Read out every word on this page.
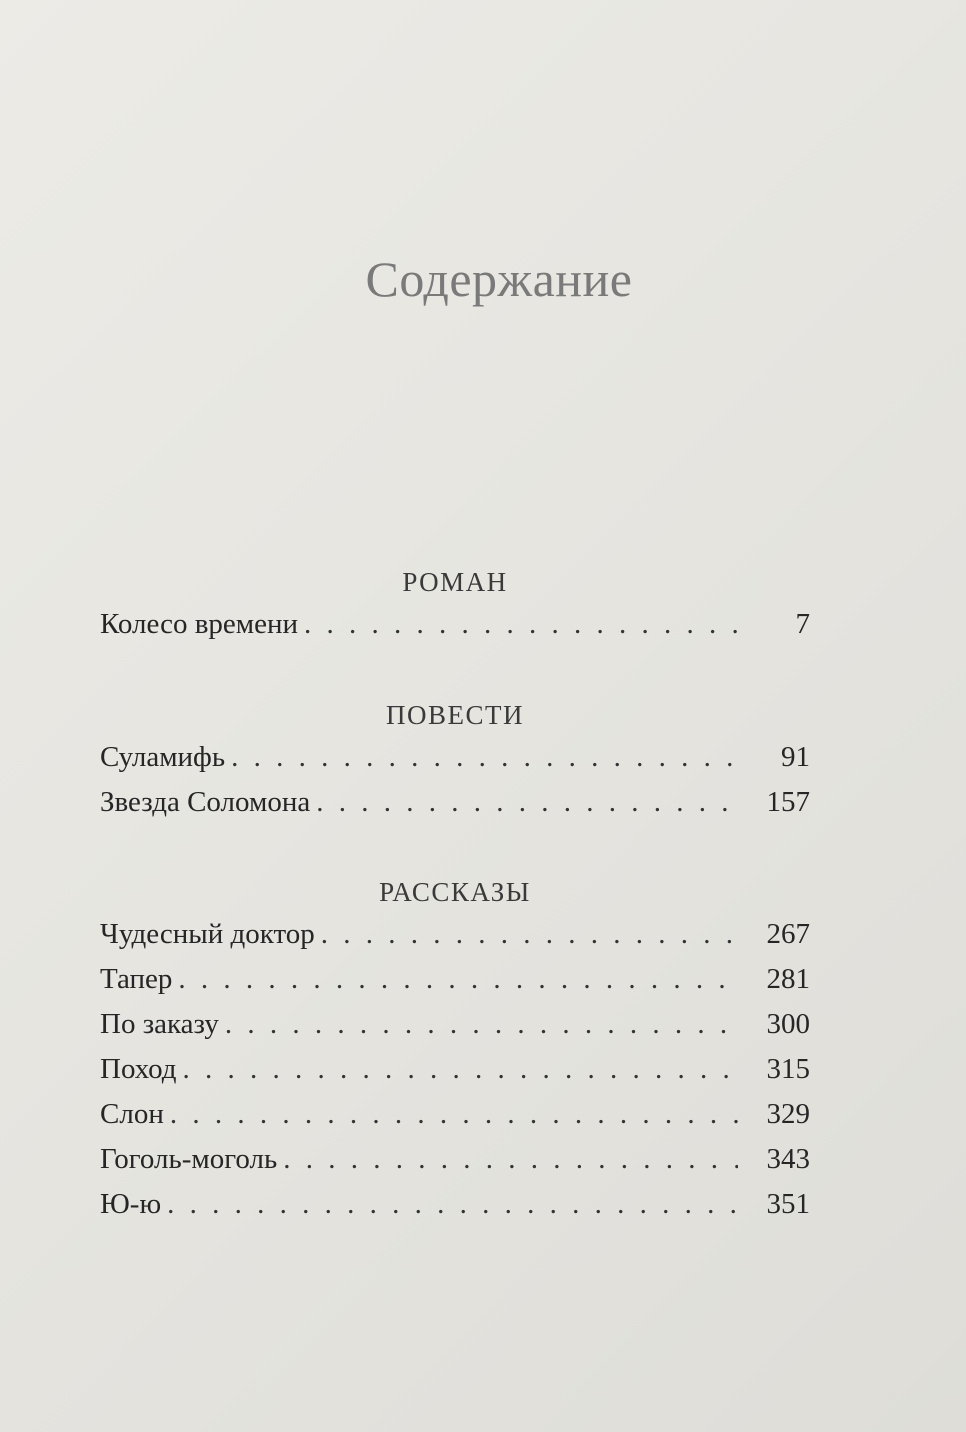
Содержание
РОМАН
Колесо времени . . .	7
ПОВЕСТИ
Суламифь . . .	91
Звезда Соломона . . .	157
РАССКАЗЫ
Чудесный доктор . . .	267
Тапер . . .	281
По заказу . . .	300
Поход . . .	315
Слон . . .	329
Гоголь-моголь . . .	343
Ю-ю . . .	351
